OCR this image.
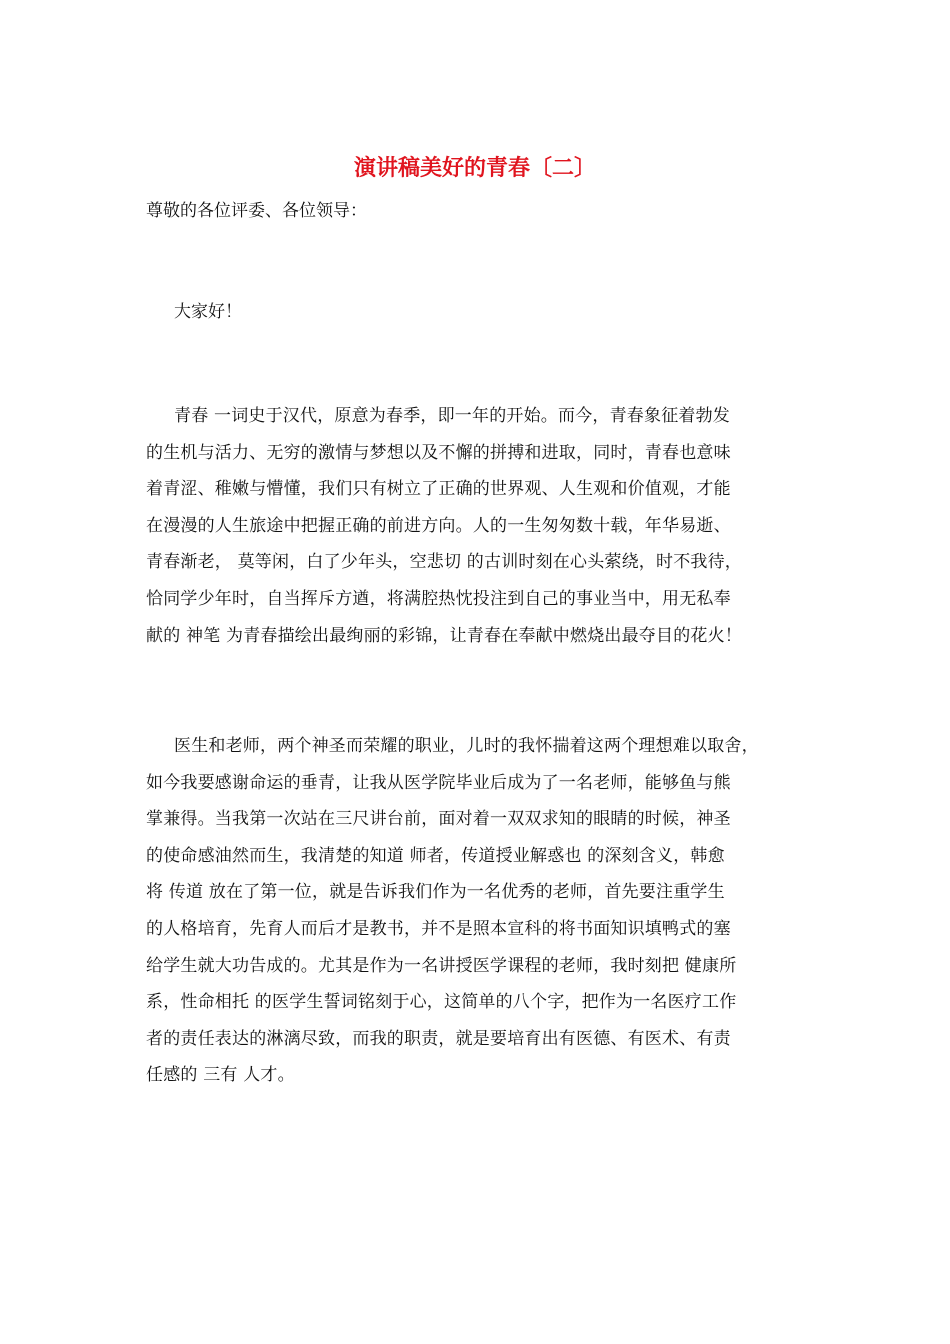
演讲稿美好的青春〔二〕
尊敬的各位评委、各位领导：
大家好！
青春 一词史于汉代，原意为春季，即一年的开始。而今，青春象征着勃发
的生机与活力、无穷的激情与梦想以及不懈的拼搏和进取，同时，青春也意味
着青涩、稚嫩与懵懂，我们只有树立了正确的世界观、人生观和价值观，才能
在漫漫的人生旅途中把握正确的前进方向。人的一生匆匆数十载，年华易逝、
青春渐老， 莫等闲，白了少年头，空悲切 的古训时刻在心头萦绕，时不我待，
恰同学少年时，自当挥斥方遒，将满腔热忱投注到自己的事业当中，用无私奉
献的 神笔 为青春描绘出最绚丽的彩锦，让青春在奉献中燃烧出最夺目的花火！
医生和老师，两个神圣而荣耀的职业，儿时的我怀揣着这两个理想难以取舍，
如今我要感谢命运的垂青，让我从医学院毕业后成为了一名老师，能够鱼与熊
掌兼得。当我第一次站在三尺讲台前，面对着一双双求知的眼睛的时候，神圣
的使命感油然而生，我清楚的知道 师者，传道授业解惑也 的深刻含义，韩愈
将 传道 放在了第一位，就是告诉我们作为一名优秀的老师，首先要注重学生
的人格培育，先育人而后才是教书，并不是照本宣科的将书面知识填鸭式的塞
给学生就大功告成的。尤其是作为一名讲授医学课程的老师，我时刻把 健康所
系，性命相托 的医学生誓词铭刻于心，这简单的八个字，把作为一名医疗工作
者的责任表达的淋漓尽致，而我的职责，就是要培育出有医德、有医术、有责
任感的 三有 人才。
